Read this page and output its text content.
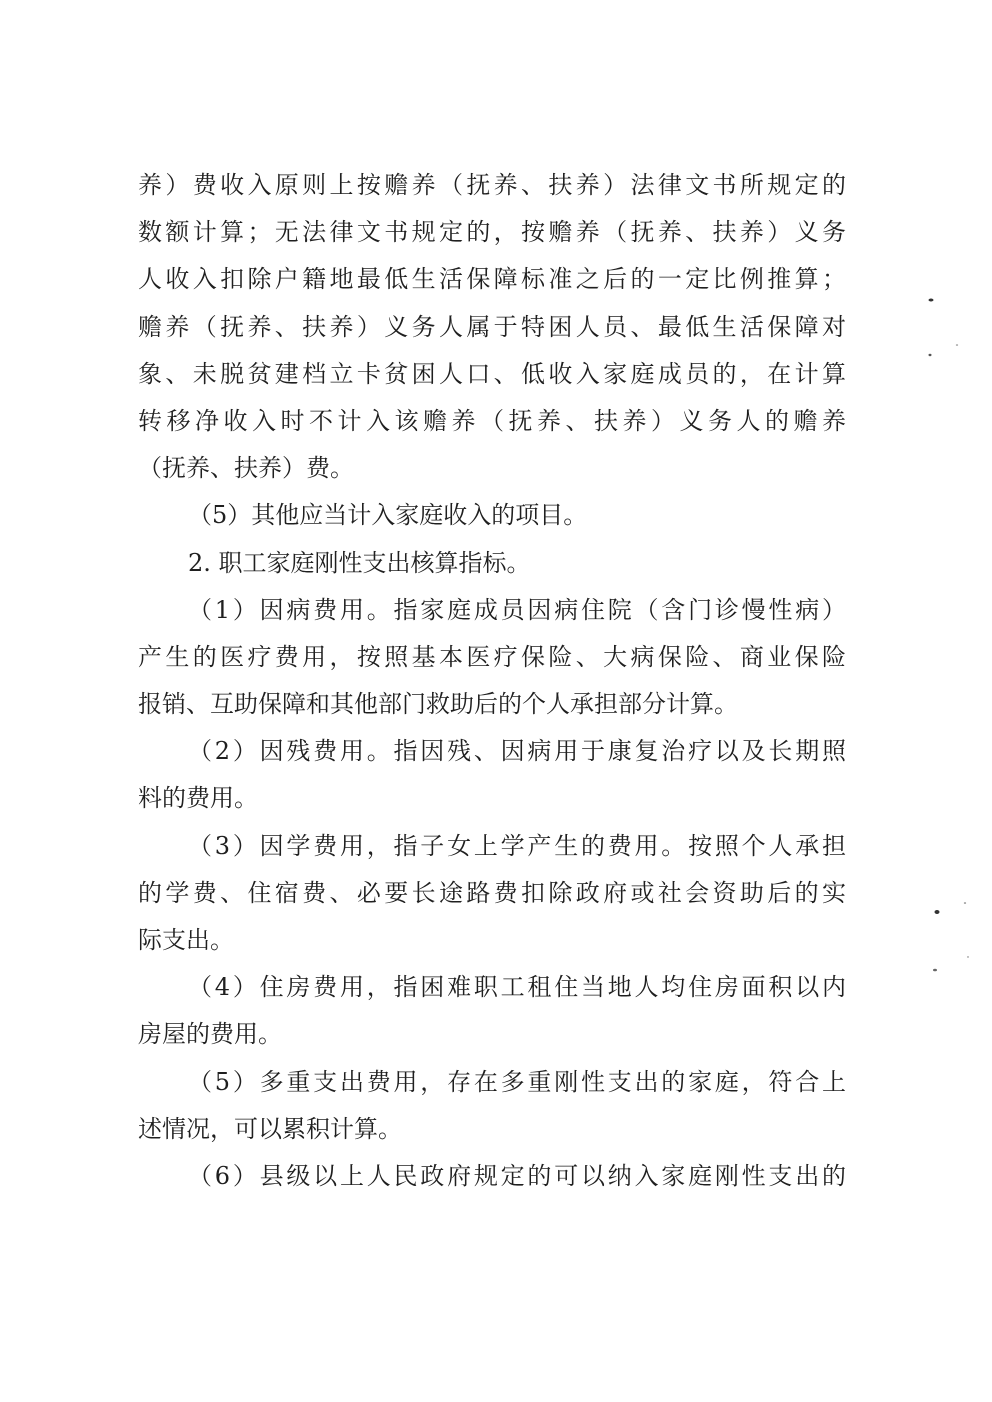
养）费收入原则上按赡养（抚养、扶养）法律文书所规定的
数额计算；无法律文书规定的，按赡养（抚养、扶养）义务
人收入扣除户籍地最低生活保障标准之后的一定比例推算；
赡养（抚养、扶养）义务人属于特困人员、最低生活保障对
象、未脱贫建档立卡贫困人口、低收入家庭成员的，在计算
转移净收入时不计入该赡养（抚养、扶养）义务人的赡养
（抚养、扶养）费。
（5）其他应当计入家庭收入的项目。
2. 职工家庭刚性支出核算指标。
（1）因病费用。指家庭成员因病住院（含门诊慢性病）
产生的医疗费用，按照基本医疗保险、大病保险、商业保险
报销、互助保障和其他部门救助后的个人承担部分计算。
（2）因残费用。指因残、因病用于康复治疗以及长期照
料的费用。
（3）因学费用，指子女上学产生的费用。按照个人承担
的学费、住宿费、必要长途路费扣除政府或社会资助后的实
际支出。
（4）住房费用，指困难职工租住当地人均住房面积以内
房屋的费用。
（5）多重支出费用，存在多重刚性支出的家庭，符合上
述情况，可以累积计算。
（6）县级以上人民政府规定的可以纳入家庭刚性支出的
